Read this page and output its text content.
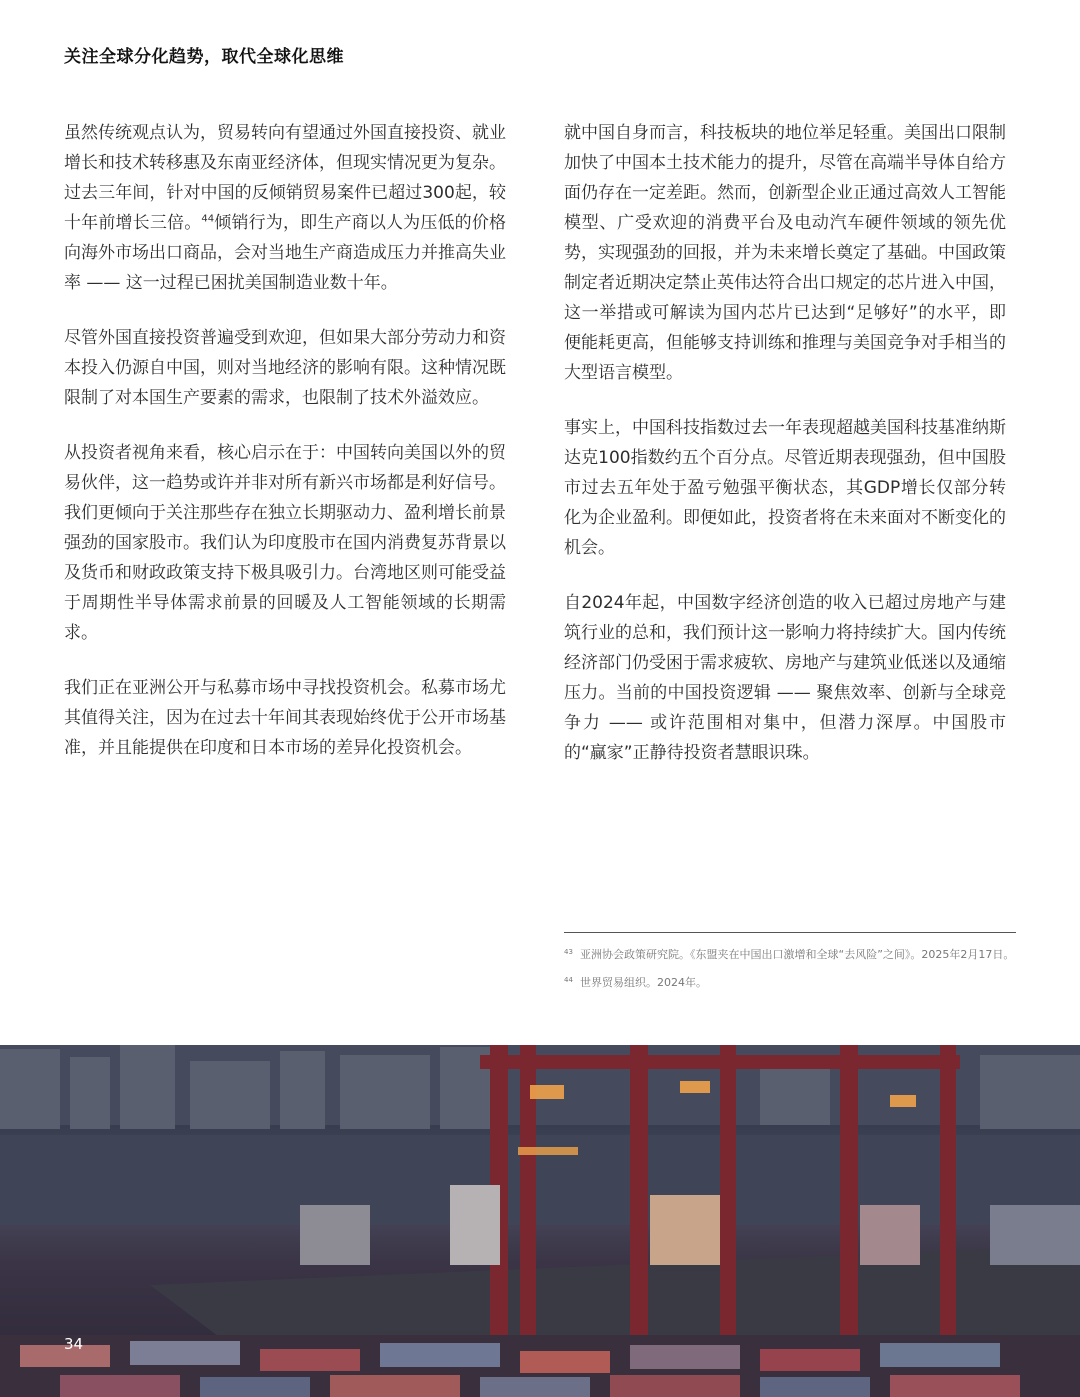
关注全球分化趋势，取代全球化思维

虽然传统观点认为，贸易转向有望通过外国直接投资、就业增长和技术转移惠及东南亚经济体，但现实情况更为复杂。过去三年间，针对中国的反倾销贸易案件已超过300起，较十年前增长三倍。$^{44}$倾销行为，即生产商以人为压低的价格向海外市场出口商品，会对当地生产商造成压力并推高失业率 —— 这一过程已困扰美国制造业数十年。

尽管外国直接投资普遍受到欢迎，但如果大部分劳动力和资本投入仍源自中国，则对当地经济的影响有限。这种情况既限制了对本国生产要素的需求，也限制了技术外溢效应。

从投资者视角来看，核心启示在于：中国转向美国以外的贸易伙伴，这一趋势或许并非对所有新兴市场都是利好信号。我们更倾向于关注那些存在独立长期驱动力、盈利增长前景强劲的国家股市。我们认为印度股市在国内消费复苏背景以及货币和财政政策支持下极具吸引力。台湾地区则可能受益于周期性半导体需求前景的回暖及人工智能领域的长期需求。

我们正在亚洲公开与私募市场中寻找投资机会。私募市场尤其值得关注，因为在过去十年间其表现始终优于公开市场基准，并且能提供在印度和日本市场的差异化投资机会。

就中国自身而言，科技板块的地位举足轻重。美国出口限制加快了中国本土技术能力的提升，尽管在高端半导体自给方面仍存在一定差距。然而，创新型企业正通过高效人工智能模型、广受欢迎的消费平台及电动汽车硬件领域的领先优势，实现强劲的回报，并为未来增长奠定了基础。中国政策制定者近期决定禁止英伟达符合出口规定的芯片进入中国，这一举措或可解读为国内芯片已达到“足够好”的水平，即便能耗更高，但能够支持训练和推理与美国竞争对手相当的大型语言模型。

事实上，中国科技指数过去一年表现超越美国科技基准纳斯达克100指数约五个百分点。尽管近期表现强劲，但中国股市过去五年处于盈亏勉强平衡状态，其GDP增长仅部分转化为企业盈利。即便如此，投资者将在未来面对不断变化的机会。

自2024年起，中国数字经济创造的收入已超过房地产与建筑行业的总和，我们预计这一影响力将持续扩大。国内传统经济部门仍受困于需求疲软、房地产与建筑业低迷以及通缩压力。当前的中国投资逻辑 —— 聚焦效率、创新与全球竞争力 —— 或许范围相对集中，但潜力深厚。中国股市的“赢家”正静待投资者慧眼识珠。

43 亚洲协会政策研究院。《东盟夹在中国出口激增和全球“去风险”之间》。2025年2月17日。
44 世界贸易组织。2024年。
34
